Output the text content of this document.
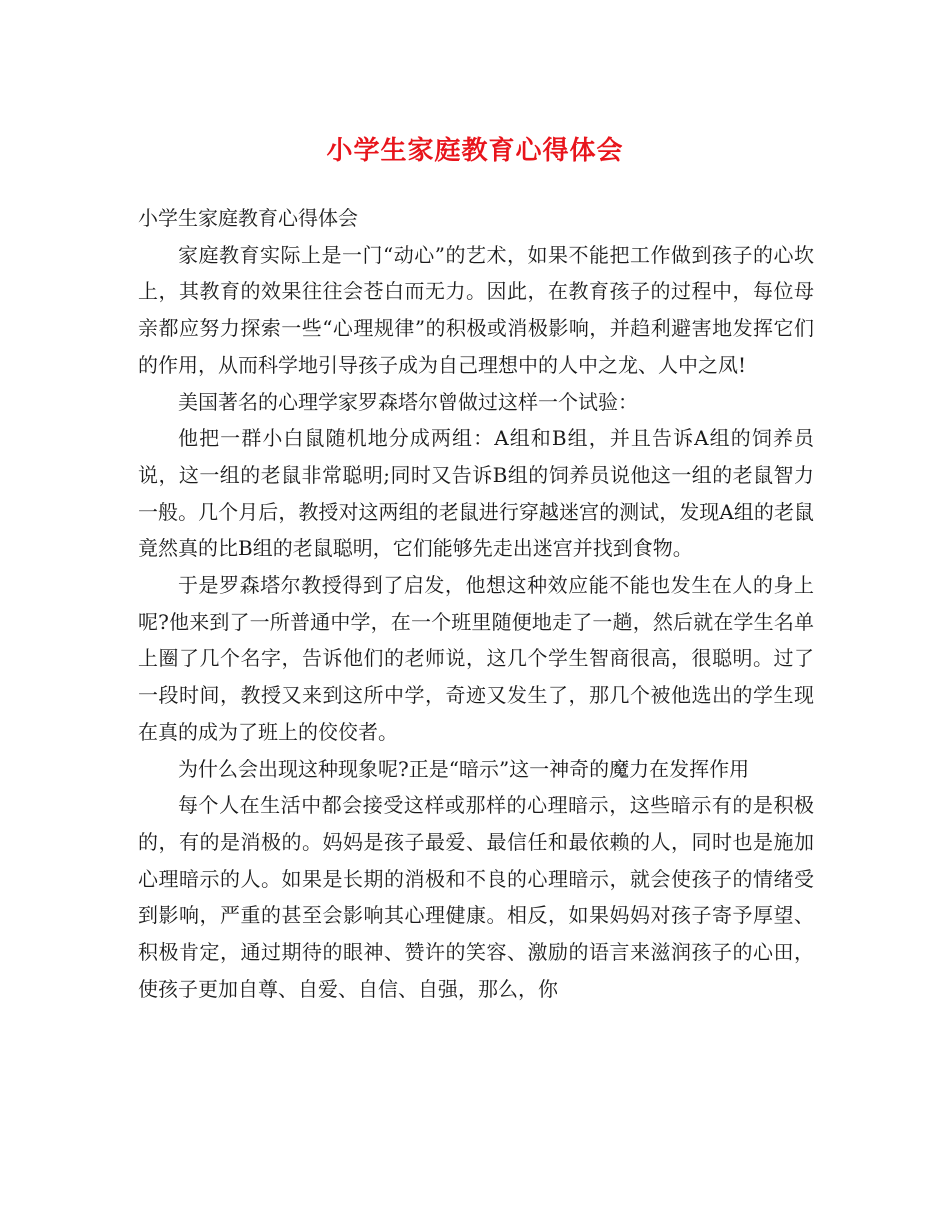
小学生家庭教育心得体会

小学生家庭教育心得体会

家庭教育实际上是一门“动心”的艺术，如果不能把工作做到孩子的心坎上，其教育的效果往往会苍白而无力。因此，在教育孩子的过程中，每位母亲都应努力探索一些“心理规律”的积极或消极影响，并趋利避害地发挥它们的作用，从而科学地引导孩子成为自己理想中的人中之龙、人中之凤!

美国著名的心理学家罗森塔尔曾做过这样一个试验：

他把一群小白鼠随机地分成两组：A组和B组，并且告诉A组的饲养员说，这一组的老鼠非常聪明;同时又告诉B组的饲养员说他这一组的老鼠智力一般。几个月后，教授对这两组的老鼠进行穿越迷宫的测试，发现A组的老鼠竟然真的比B组的老鼠聪明，它们能够先走出迷宫并找到食物。

于是罗森塔尔教授得到了启发，他想这种效应能不能也发生在人的身上呢?他来到了一所普通中学，在一个班里随便地走了一趟，然后就在学生名单上圈了几个名字，告诉他们的老师说，这几个学生智商很高，很聪明。过了一段时间，教授又来到这所中学，奇迹又发生了，那几个被他选出的学生现在真的成为了班上的佼佼者。

为什么会出现这种现象呢?正是“暗示”这一神奇的魔力在发挥作用

每个人在生活中都会接受这样或那样的心理暗示，这些暗示有的是积极的，有的是消极的。妈妈是孩子最爱、最信任和最依赖的人，同时也是施加心理暗示的人。如果是长期的消极和不良的心理暗示，就会使孩子的情绪受到影响，严重的甚至会影响其心理健康。相反，如果妈妈对孩子寄予厚望、积极肯定，通过期待的眼神、赞许的笑容、激励的语言来滋润孩子的心田，使孩子更加自尊、自爱、自信、自强，那么，你
